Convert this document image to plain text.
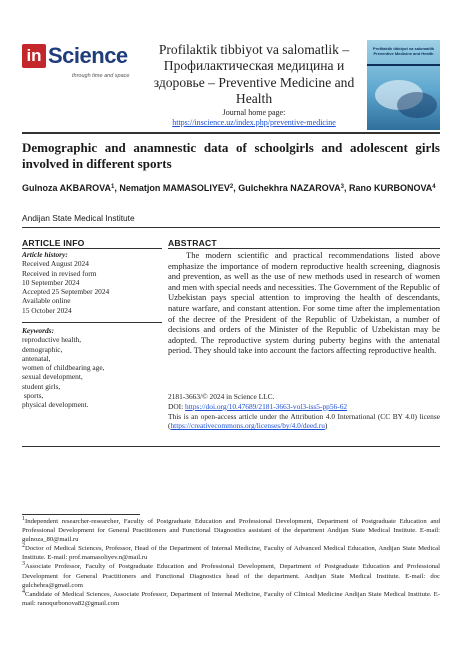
in Science
through time and space
Profilaktik tibbiyot va salomatlik – Профилактическая медицина и здоровье – Preventive Medicine and Health
Journal home page:
https://inscience.uz/index.php/preventive-medicine
Profilaktik tibbiyot va salomatlik Preventive Medicine and Health
Demographic and anamnestic data of schoolgirls and adolescent girls involved in different sports
Gulnoza AKBAROVA$^1$, Nematjon MAMASOLIYEV$^2$, Gulchekhra NAZAROVA$^3$, Rano KURBONOVA$^4$
Andijan State Medical Institute
ARTICLE INFO	ABSTRACT
Article history:
Received August 2024
Received in revised form
10 September 2024
Accepted 25 September 2024
Available online
15 October 2024
Keywords:
reproductive health,
demographic,
antenatal,
women of childbearing age,
sexual development,
student girls,
sports,
physical development.
The modern scientific and practical recommendations listed above emphasize the importance of modern reproductive health screening, diagnosis and prevention, as well as the use of new methods used in research of women and men with special needs and necessities. The Government of the Republic of Uzbekistan pays special attention to improving the health of descendants, nature warfare, and constant attention. For some time after the implementation of the decree of the President of the Republic of Uzbekistan, a number of decisions and orders of the Minister of the Republic of Uzbekistan may be adopted. The reproductive system during puberty begins with the antenatal period. They should take into account the factors affecting reproductive health.
2181-3663/© 2024 in Science LLC.
DOI: https://doi.org/10.47689/2181-3663-vol3-iss5-pp56-62
This is an open-access article under the Attribution 4.0 International (CC BY 4.0) license (https://creativecommons.org/licenses/by/4.0/deed.ru)

$^1$Independent researcher-researcher, Faculty of Postgraduate Education and Professional Development, Department of Postgraduate Education and Professional Development for General Practitioners and Functional Diagnostics assistant of the department Andijan State Medical Institute. E-mail: gulnoza_80@mail.ru

$^2$Doctor of Medical Sciences, Professor, Head of the Department of Internal Medicine, Faculty of Advanced Medical Education, Andijan State Medical Institute. E-mail: prof.mamasoliyev.n@mail.ru

$^3$Associate Professor, Faculty of Postgraduate Education and Professional Development, Department of Postgraduate Education and Professional Development for General Practitioners and Functional Diagnostics head of the department. Andijan State Medical Institute. E-mail: doc gulchehra@gmail.com

$^4$Candidate of Medical Sciences, Associate Professor, Department of Internal Medicine, Faculty of Clinical Medicine Andijan State Medical Institute. E-mail: ranoqurbonova82@gmail.com
